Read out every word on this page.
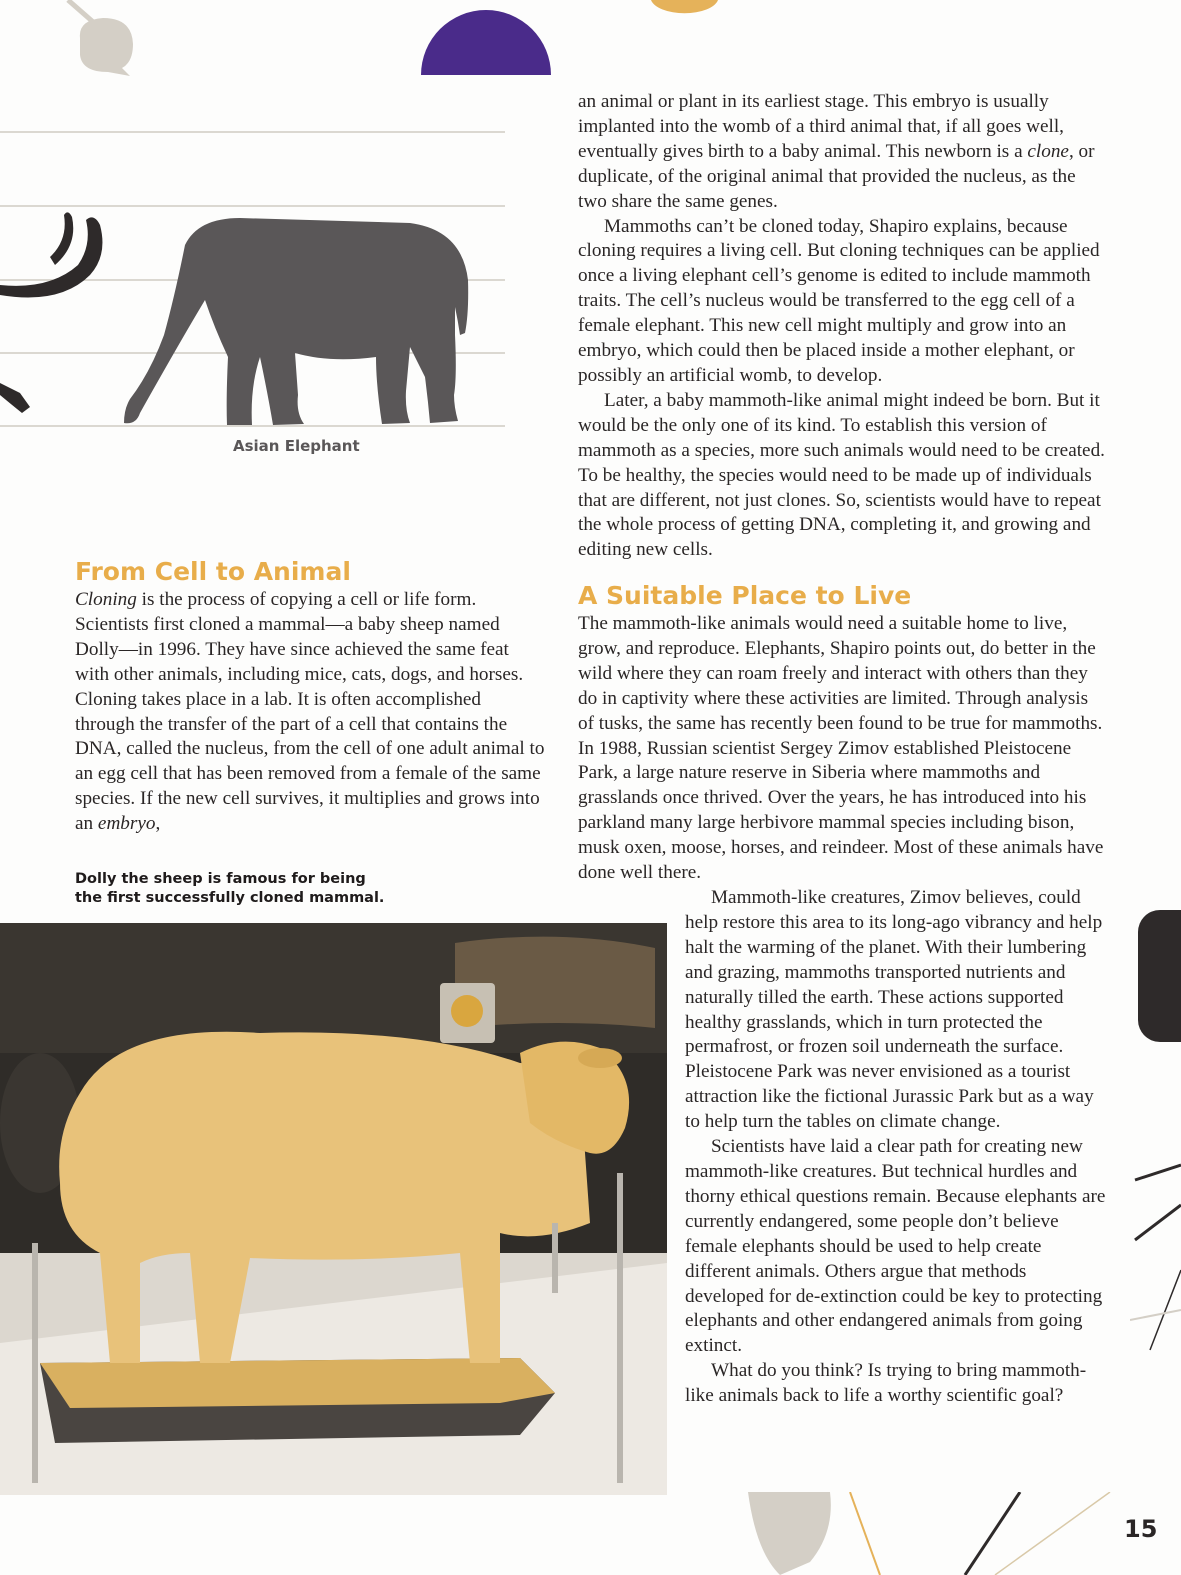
Asian Elephant
From Cell to Animal

Cloning is the process of copying a cell or life form. Scientists first cloned a mammal—a baby sheep named Dolly—in 1996. They have since achieved the same feat with other animals, including mice, cats, dogs, and horses. Cloning takes place in a lab. It is often accomplished through the transfer of the part of a cell that contains the DNA, called the nucleus, from the cell of one adult animal to an egg cell that has been removed from a female of the same species. If the new cell survives, it multiplies and grows into an embryo,

Dolly the sheep is famous for being the first successfully cloned mammal.

an animal or plant in its earliest stage. This embryo is usually implanted into the womb of a third animal that, if all goes well, eventually gives birth to a baby animal. This newborn is a clone, or duplicate, of the original animal that provided the nucleus, as the two share the same genes.

Mammoths can’t be cloned today, Shapiro explains, because cloning requires a living cell. But cloning techniques can be applied once a living elephant cell’s genome is edited to include mammoth traits. The cell’s nucleus would be transferred to the egg cell of a female elephant. This new cell might multiply and grow into an embryo, which could then be placed inside a mother elephant, or possibly an artificial womb, to develop.

Later, a baby mammoth-like animal might indeed be born. But it would be the only one of its kind. To establish this version of mammoth as a species, more such animals would need to be created. To be healthy, the species would need to be made up of individuals that are different, not just clones. So, scientists would have to repeat the whole process of getting DNA, completing it, and growing and editing new cells.

A Suitable Place to Live

The mammoth-like animals would need a suitable home to live, grow, and reproduce. Elephants, Shapiro points out, do better in the wild where they can roam freely and interact with others than they do in captivity where these activities are limited. Through analysis of tusks, the same has recently been found to be true for mammoths. In 1988, Russian scientist Sergey Zimov established Pleistocene Park, a large nature reserve in Siberia where mammoths and grasslands once thrived. Over the years, he has introduced into his parkland many large herbivore mammal species including bison, musk oxen, moose, horses, and reindeer. Most of these animals have done well there.

Mammoth-like creatures, Zimov believes, could help restore this area to its long-ago vibrancy and help halt the warming of the planet. With their lumbering and grazing, mammoths transported nutrients and naturally tilled the earth. These actions supported healthy grasslands, which in turn protected the permafrost, or frozen soil underneath the surface. Pleistocene Park was never envisioned as a tourist attraction like the fictional Jurassic Park but as a way to help turn the tables on climate change.

Scientists have laid a clear path for creating new mammoth-like creatures. But technical hurdles and thorny ethical questions remain. Because elephants are currently endangered, some people don’t believe female elephants should be used to help create different animals. Others argue that methods developed for de-extinction could be key to protecting elephants and other endangered animals from going extinct.

What do you think? Is trying to bring mammoth-like animals back to life a worthy scientific goal?

15
